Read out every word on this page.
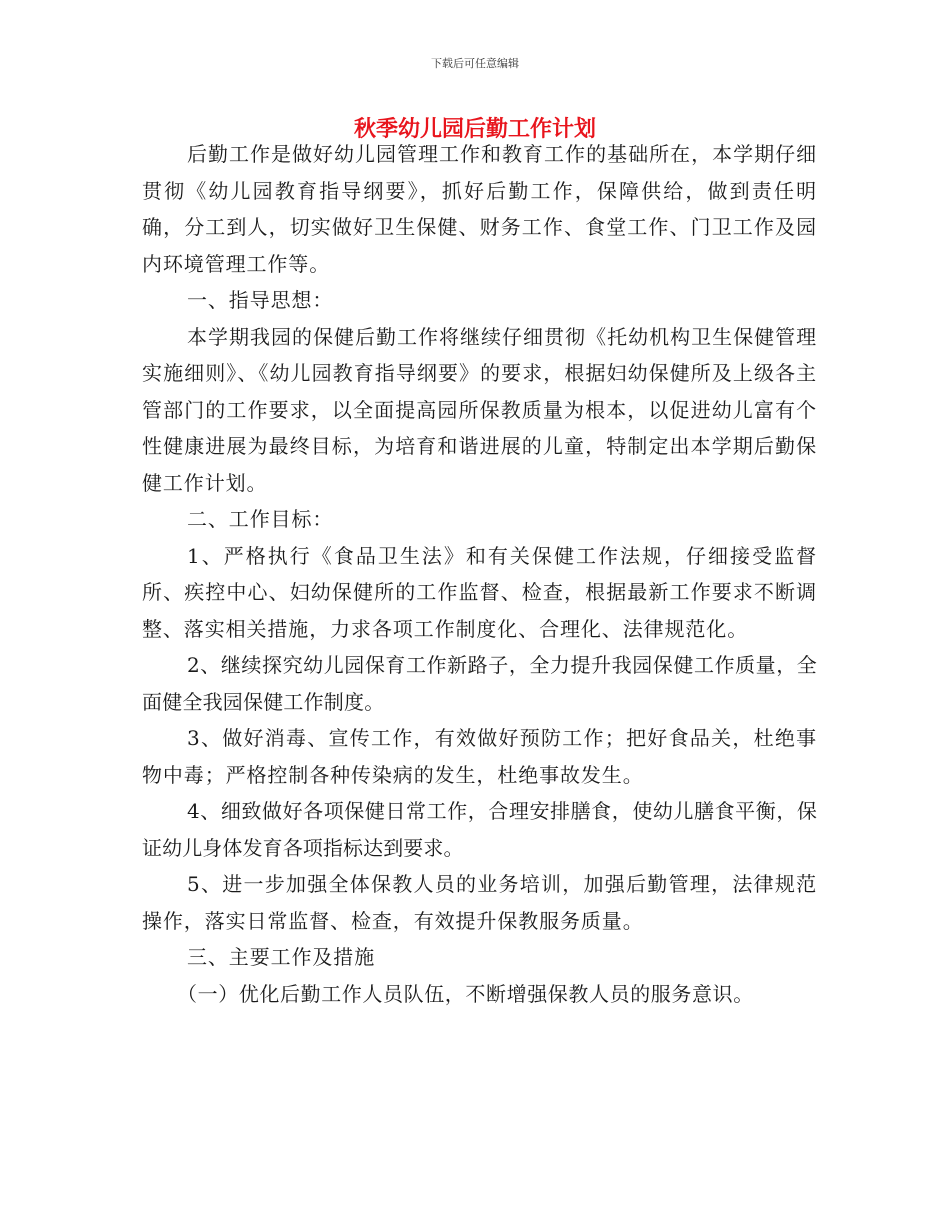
下载后可任意编辑
秋季幼儿园后勤工作计划

后勤工作是做好幼儿园管理工作和教育工作的基础所在，本学期仔细贯彻《幼儿园教育指导纲要》，抓好后勤工作，保障供给，做到责任明确，分工到人，切实做好卫生保健、财务工作、食堂工作、门卫工作及园内环境管理工作等。

一、指导思想：

本学期我园的保健后勤工作将继续仔细贯彻《托幼机构卫生保健管理实施细则》、《幼儿园教育指导纲要》的要求，根据妇幼保健所及上级各主管部门的工作要求，以全面提高园所保教质量为根本，以促进幼儿富有个性健康进展为最终目标，为培育和谐进展的儿童，特制定出本学期后勤保健工作计划。

二、工作目标：

1、严格执行《食品卫生法》和有关保健工作法规，仔细接受监督所、疾控中心、妇幼保健所的工作监督、检查，根据最新工作要求不断调整、落实相关措施，力求各项工作制度化、合理化、法律规范化。

2、继续探究幼儿园保育工作新路子，全力提升我园保健工作质量，全面健全我园保健工作制度。

3、做好消毒、宣传工作，有效做好预防工作；把好食品关，杜绝事物中毒；严格控制各种传染病的发生，杜绝事故发生。

4、细致做好各项保健日常工作，合理安排膳食，使幼儿膳食平衡，保证幼儿身体发育各项指标达到要求。

5、进一步加强全体保教人员的业务培训，加强后勤管理，法律规范操作，落实日常监督、检查，有效提升保教服务质量。

三、主要工作及措施

（一）优化后勤工作人员队伍，不断增强保教人员的服务意识。
